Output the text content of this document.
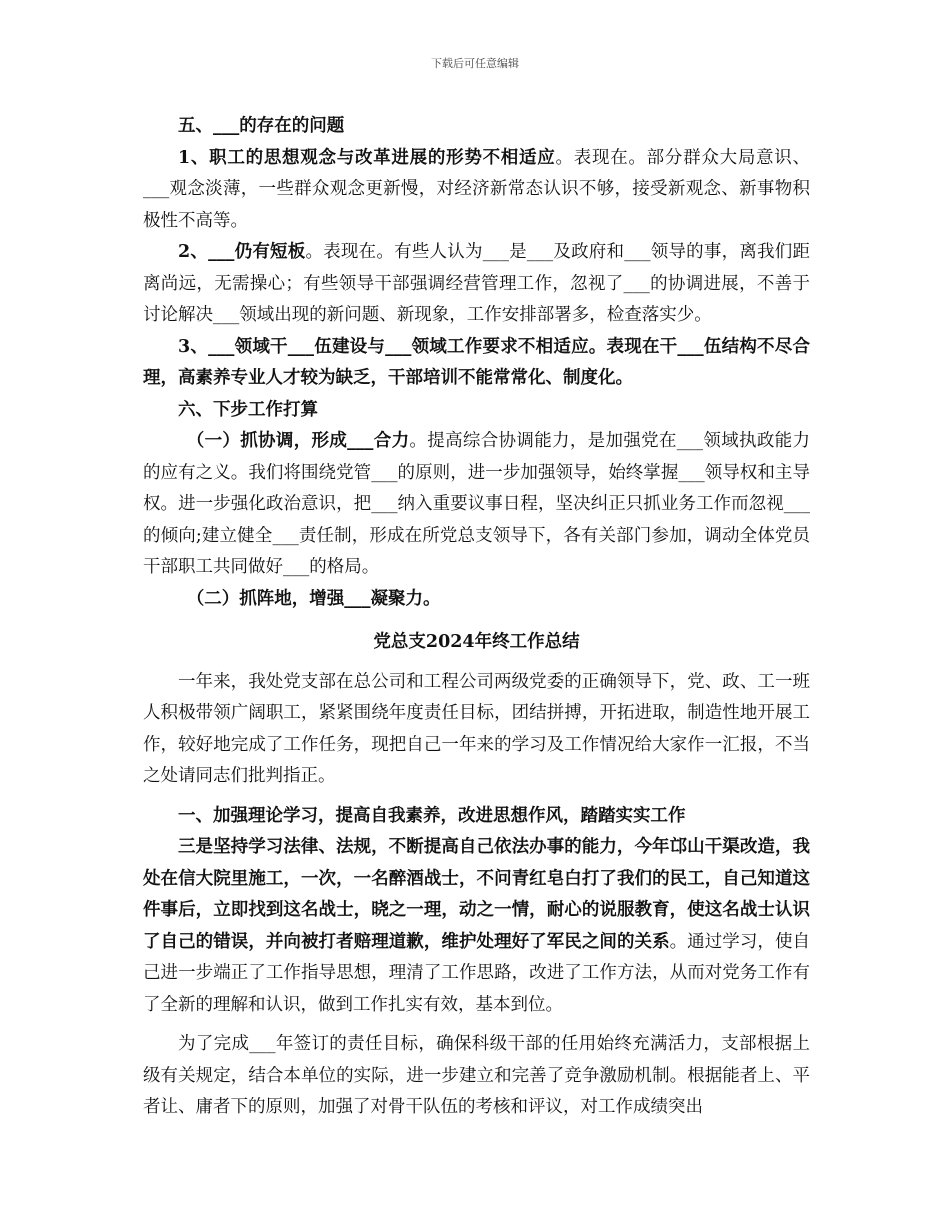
下载后可任意编辑

五、___的存在的问题

1、职工的思想观念与改革进展的形势不相适应。表现在。部分群众大局意识、___观念淡薄，一些群众观念更新慢，对经济新常态认识不够，接受新观念、新事物积极性不高等。

2、___仍有短板。表现在。有些人认为___是___及政府和___领导的事，离我们距离尚远，无需操心；有些领导干部强调经营管理工作，忽视了___的协调进展，不善于讨论解决___领域出现的新问题、新现象，工作安排部署多，检查落实少。

3、___领域干___伍建设与___领域工作要求不相适应。表现在干___伍结构不尽合理，高素养专业人才较为缺乏，干部培训不能常常化、制度化。

六、下步工作打算

（一）抓协调，形成___合力。提高综合协调能力，是加强党在___领域执政能力的应有之义。我们将围绕党管___的原则，进一步加强领导，始终掌握___领导权和主导权。进一步强化政治意识，把___纳入重要议事日程，坚决纠正只抓业务工作而忽视___的倾向;建立健全___责任制，形成在所党总支领导下，各有关部门参加，调动全体党员干部职工共同做好___的格局。

（二）抓阵地，增强___凝聚力。

党总支2024年终工作总结

一年来，我处党支部在总公司和工程公司两级党委的正确领导下，党、政、工一班人积极带领广阔职工，紧紧围绕年度责任目标，团结拼搏，开拓进取，制造性地开展工作，较好地完成了工作任务，现把自己一年来的学习及工作情况给大家作一汇报，不当之处请同志们批判指正。

一、加强理论学习，提高自我素养，改进思想作风，踏踏实实工作

三是坚持学习法律、法规，不断提高自己依法办事的能力，今年邙山干渠改造，我处在信大院里施工，一次，一名醉酒战士，不问青红皂白打了我们的民工，自己知道这件事后，立即找到这名战士，晓之一理，动之一情，耐心的说服教育，使这名战士认识了自己的错误，并向被打者赔理道歉，维护处理好了军民之间的关系。通过学习，使自己进一步端正了工作指导思想，理清了工作思路，改进了工作方法，从而对党务工作有了全新的理解和认识，做到工作扎实有效，基本到位。

为了完成___年签订的责任目标，确保科级干部的任用始终充满活力，支部根据上级有关规定，结合本单位的实际，进一步建立和完善了竞争激励机制。根据能者上、平者让、庸者下的原则，加强了对骨干队伍的考核和评议，对工作成绩突出
